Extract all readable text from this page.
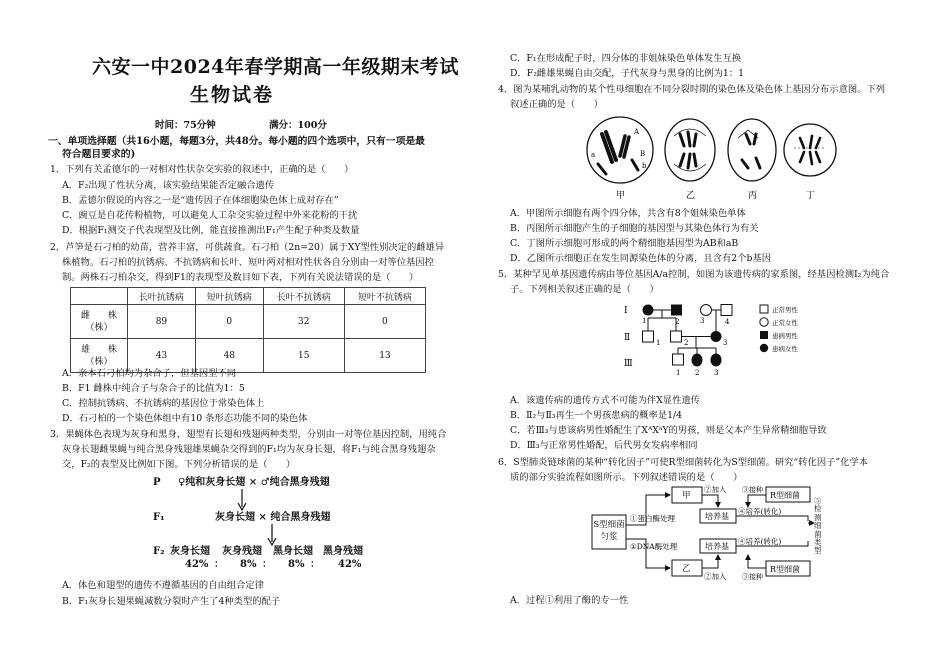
六安一中2024年春学期高一年级期末考试
生物试卷
时间：75分钟	满分：100分
一、单项选择题（共16小题，每题3分，共48分。每小题的四个选项中，只有一项是最
符合题目要求的)
1．下列有关孟德尔的一对相对性状杂交实验的叙述中，正确的是（　　）
A．F₂出现了性状分离，该实验结果能否定融合遗传
B．孟德尔假说的内容之一是“遗传因子在体细胞染色体上成对存在”
C．豌豆是自花传粉植物，可以避免人工杂交实验过程中外来花粉的干扰
D．根据F₁测交子代表现型及比例，能直接推测出F₁产生配子种类及数量
2．芦笋是石刁柏的幼苗，营养丰富，可供蔬食。石刁柏（2n=20）属于XY型性别决定的雌雄异
株植物。石刁柏的抗锈病、不抗锈病和长叶、短叶两对相对性状各自分别由一对等位基因控
制。两株石刁柏杂交，得到F1的表现型及数目如下表，下列有关说法错误的是（　　）
	长叶抗锈病	短叶抗锈病	长叶不抗锈病	短叶不抗锈病
雌　　株
（株）	89	0	32	0
雄　　株
（株）	43	48	15	13
A．亲本石刁柏均为杂合子，但基因型不同
B．F1 雌株中纯合子与杂合子的比值为1：5
C．控制抗锈病、不抗锈病的基因位于常染色体上
D．石刁柏的一个染色体组中有10 条形态功能不同的染色体
3．果蝇体色表现为灰身和黑身，翅型有长翅和残翅两种类型，分别由一对等位基因控制，用纯合
灰身长翅雌果蝇与纯合黑身残翅雄果蝇杂交得到的F₁均为灰身长翅，将F₁与纯合黑身残翅杂
交，F₂的表型及比例如下图。下列分析错误的是（　　）
P ♀纯和灰身长翅 × ♂纯合黑身残翅
F₁	灰身长翅 × 纯合黑身残翅
F₂ 灰身长翅 灰身残翅 黑身长翅 黑身残翅
42% ： 8% ： 8% ： 42%
A．体色和翅型的遗传不遵循基因的自由组合定律
B．F₁灰身长翅果蝇减数分裂时产生了4种类型的配子
C．F₁在形成配子时，四分体的非姐妹染色单体发生互换
D．F₂雌雄果蝇自由交配，子代灰身与黑身的比例为1：1
4．图为某哺乳动物的某个性母细胞在不同分裂时期的染色体及染色体上基因分布示意图。下列
叙述正确的是（　　）
A
a	B
b
甲	乙	丙	丁
A．甲图所示细胞有两个四分体，共含有8个姐妹染色单体
B．丙图所示细胞产生的子细胞的基因型与其染色体行为有关
C．丁图所示细胞可形成的两个精细胞基因型为AB和aB
D．乙图所示细胞正在发生同源染色体的分离，且含有2个b基因
5．某种罕见单基因遗传病由等位基因A/a控制，如图为该遗传病的家系图，经基因检测I₂为纯合
子。下列相关叙述正确的是（　　）
Ⅰ
Ⅱ
Ⅲ
1	2	3	4
1	2	3
1 2 3
正常男性
正常女性
患病男性
患病女性
A．该遗传病的遗传方式不可能为伴X显性遗传
B．Ⅱ₂与Ⅱ₃再生一个男孩患病的概率是1/4
C．若Ⅲ₃与患该病男性婚配生了XᴬXᵃY的男孩，则是父本产生异常精细胞导致
D．Ⅲ₃与正常男性婚配，后代男女发病率相同
6．S型肺炎链球菌的某种“转化因子”可使R型细菌转化为S型细菌。研究“转化因子”化学本
质的部分实验流程如图所示。下列叙述错误的是（　　）
S型细菌匀浆
①蛋白酶处理
①DNA酶处理
甲
乙
②加入
②加入
培养基
培养基
R型细菌
R型细菌
③接种
③接种
④培养(转化)
④培养(转化)
⑤检测细菌类型
A．过程①利用了酶的专一性
